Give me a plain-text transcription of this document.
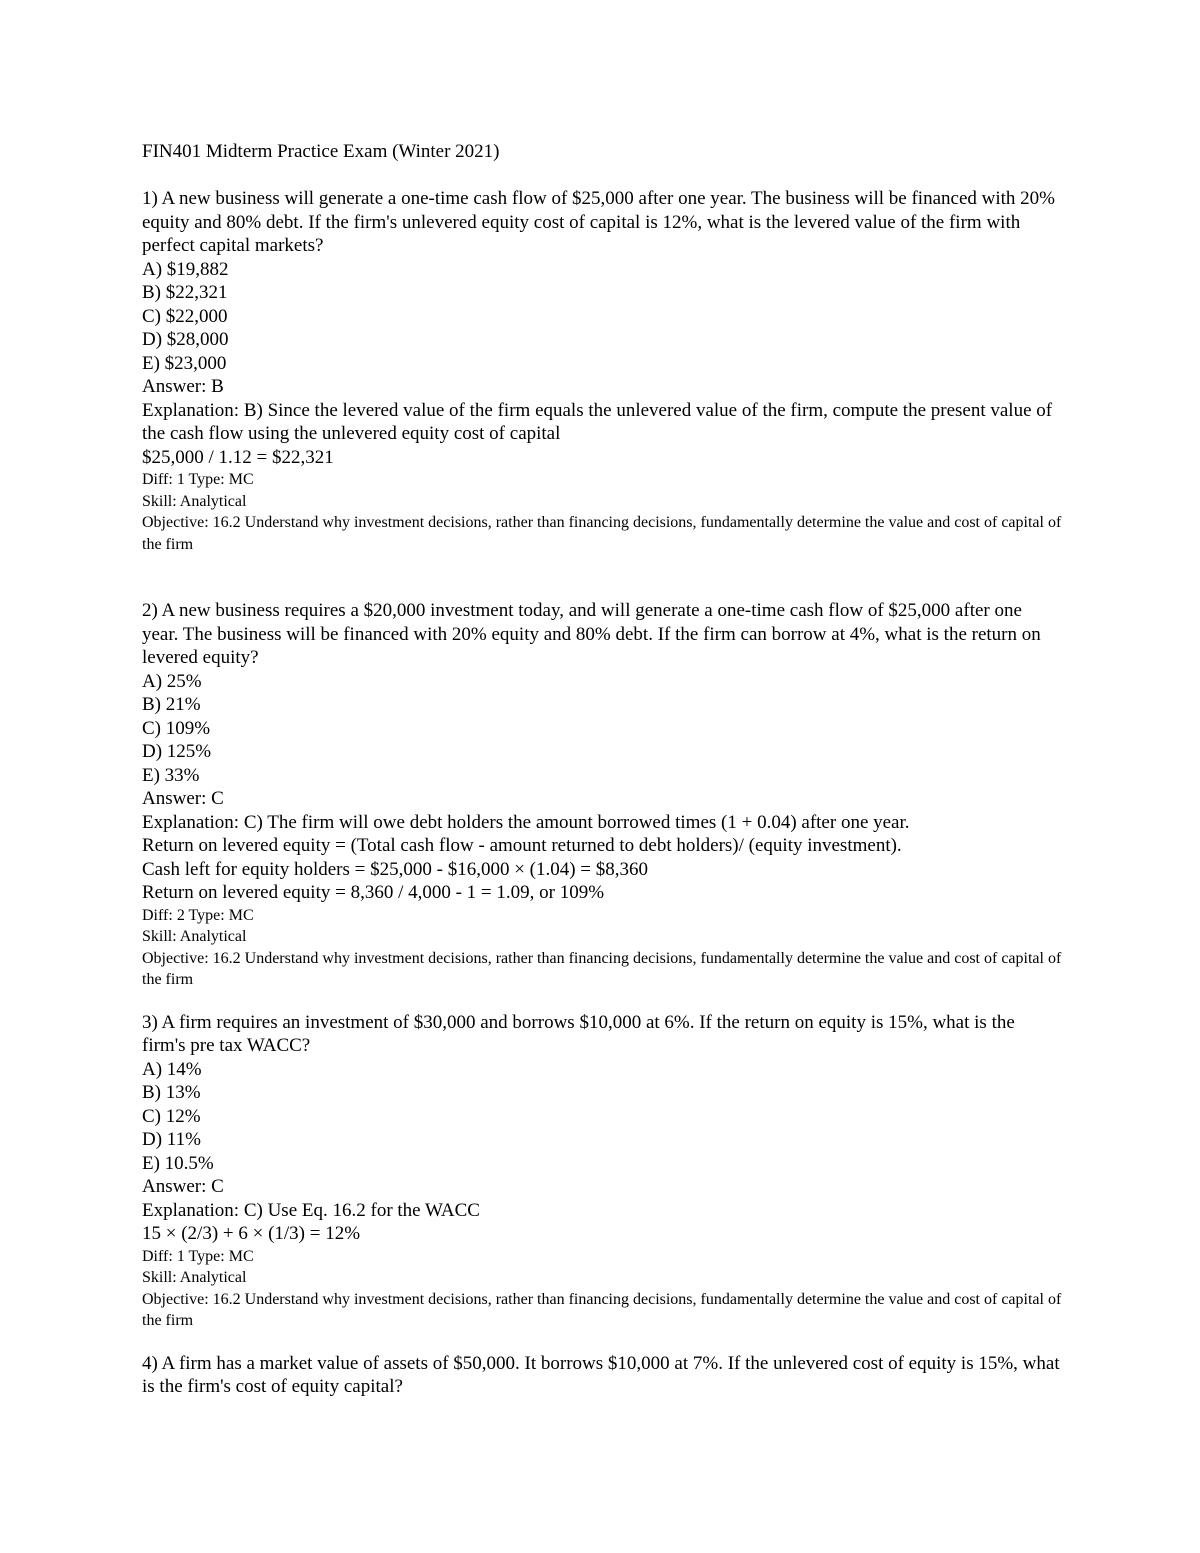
FIN401 Midterm Practice Exam (Winter 2021)

1) A new business will generate a one-time cash flow of $25,000 after one year. The business will be financed with 20% equity and 80% debt. If the firm's unlevered equity cost of capital is 12%, what is the levered value of the firm with perfect capital markets?

A) $19,882

B) $22,321

C) $22,000

D) $28,000

E) $23,000

Answer: B

Explanation: B) Since the levered value of the firm equals the unlevered value of the firm, compute the present value of the cash flow using the unlevered equity cost of capital

$25,000 / 1.12 = $22,321

Diff: 1 Type: MC

Skill: Analytical

Objective: 16.2 Understand why investment decisions, rather than financing decisions, fundamentally determine the value and cost of capital of the firm

2) A new business requires a $20,000 investment today, and will generate a one-time cash flow of $25,000 after one year. The business will be financed with 20% equity and 80% debt. If the firm can borrow at 4%, what is the return on levered equity?

A) 25%

B) 21%

C) 109%

D) 125%

E) 33%

Answer: C

Explanation: C) The firm will owe debt holders the amount borrowed times (1 + 0.04) after one year.

Return on levered equity = (Total cash flow - amount returned to debt holders)/ (equity investment).

Cash left for equity holders = $25,000 - $16,000 × (1.04) = $8,360

Return on levered equity = 8,360 / 4,000 - 1 = 1.09, or 109%

Diff: 2 Type: MC

Skill: Analytical

Objective: 16.2 Understand why investment decisions, rather than financing decisions, fundamentally determine the value and cost of capital of the firm

3) A firm requires an investment of $30,000 and borrows $10,000 at 6%. If the return on equity is 15%, what is the firm's pre tax WACC?

A) 14%

B) 13%

C) 12%

D) 11%

E) 10.5%

Answer: C

Explanation: C) Use Eq. 16.2 for the WACC

15 × (2/3) + 6 × (1/3) = 12%

Diff: 1 Type: MC

Skill: Analytical

Objective: 16.2 Understand why investment decisions, rather than financing decisions, fundamentally determine the value and cost of capital of the firm

4) A firm has a market value of assets of $50,000. It borrows $10,000 at 7%. If the unlevered cost of equity is 15%, what is the firm's cost of equity capital?
